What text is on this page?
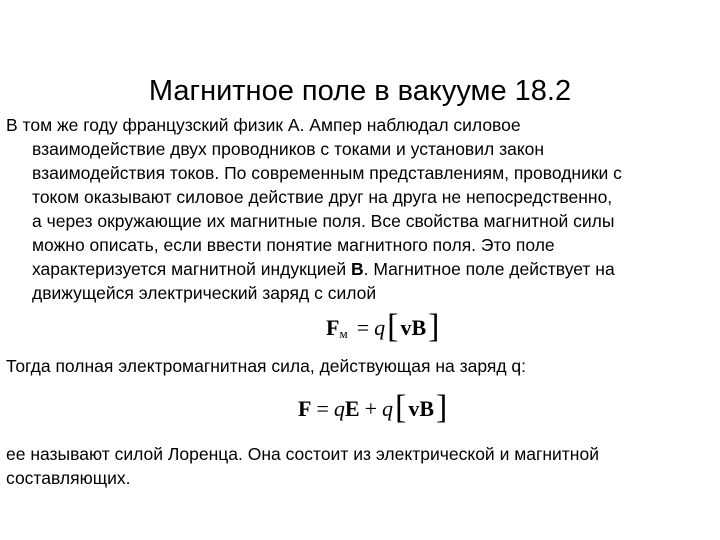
Магнитное поле в вакууме 18.2
В том же году французский физик А. Ампер наблюдал силовое
взаимодействие двух проводников с токами и установил закон
взаимодействия токов. По современным представлениям, проводники с
током оказывают силовое действие друг на друга не непосредственно,
а через окружающие их магнитные поля. Все свойства магнитной силы
можно описать, если ввести понятие магнитного поля. Это поле
характеризуется магнитной индукцией B. Магнитное поле действует на
движущейся электрический заряд с силой
F м = q [ v B ]
Тогда полная электромагнитная сила, действующая на заряд q:
F = q E + q [ v B ]
ее называют силой Лоренца. Она состоит из электрической и магнитной
составляющих.
